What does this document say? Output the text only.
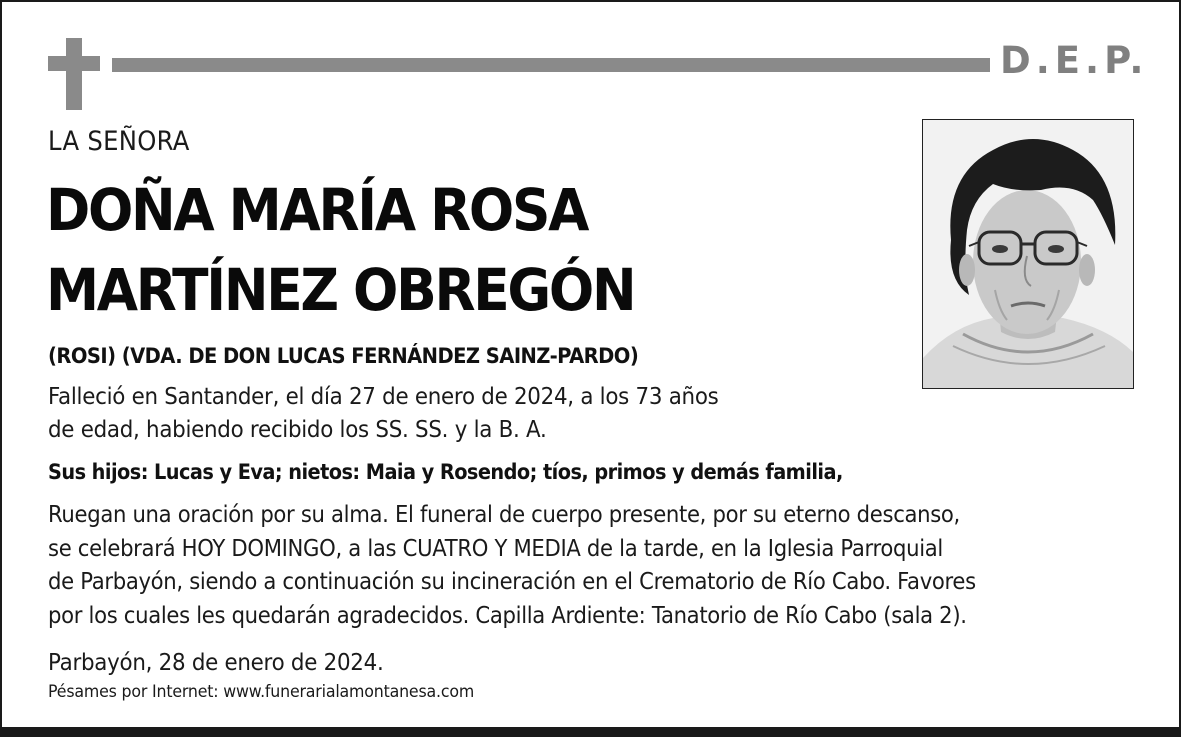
D.E.P.
LA SEÑORA
DOÑA MARÍA ROSA
MARTÍNEZ OBREGÓN
(ROSI) (VDA. DE DON LUCAS FERNÁNDEZ SAINZ-PARDO)
Falleció en Santander, el día 27 de enero de 2024, a los 73 años
de edad, habiendo recibido los SS. SS. y la B. A.
Sus hijos: Lucas y Eva; nietos: Maia y Rosendo; tíos, primos y demás familia,
Ruegan una oración por su alma. El funeral de cuerpo presente, por su eterno descanso,
se celebrará HOY DOMINGO, a las CUATRO Y MEDIA de la tarde, en la Iglesia Parroquial
de Parbayón, siendo a continuación su incineración en el Crematorio de Río Cabo. Favores
por los cuales les quedarán agradecidos. Capilla Ardiente: Tanatorio de Río Cabo (sala 2).
Parbayón, 28 de enero de 2024.
Pésames por Internet: www.funerarialamontanesa.com
